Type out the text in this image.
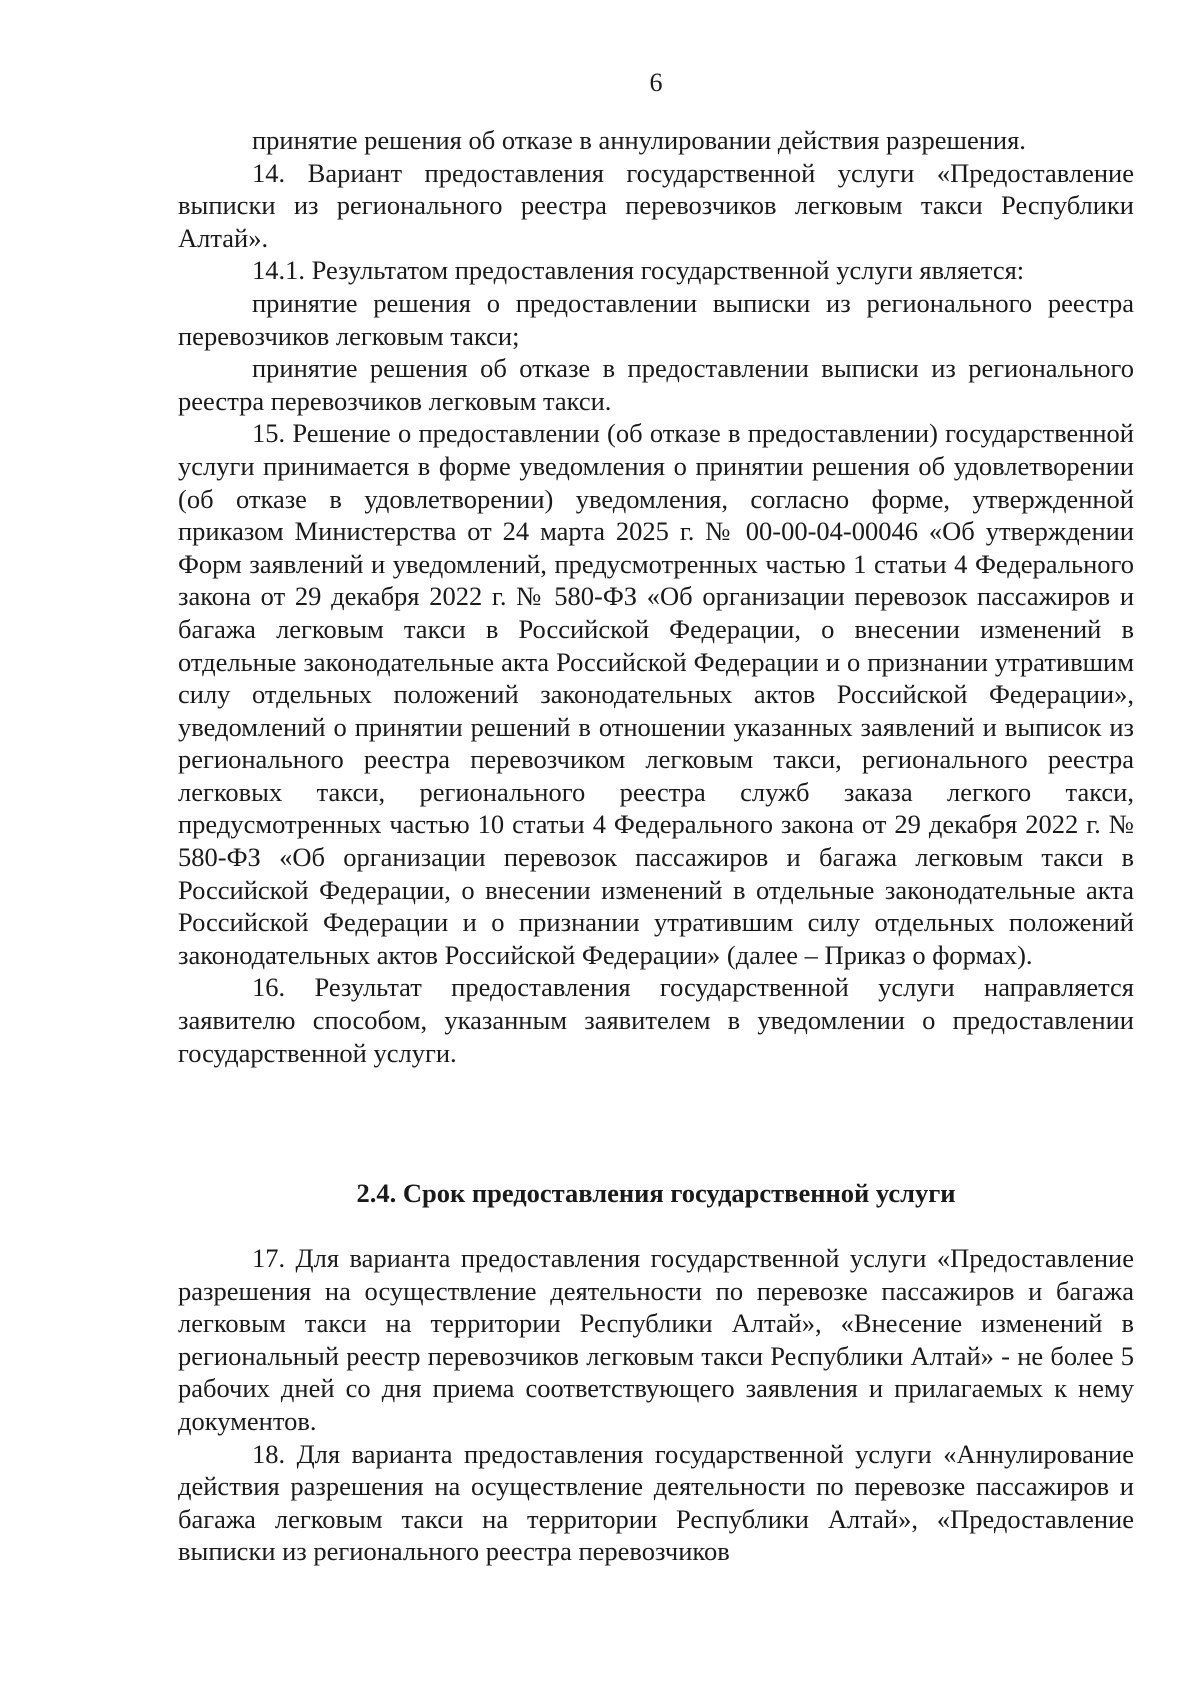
6

принятие решения об отказе в аннулировании действия разрешения.

14. Вариант предоставления государственной услуги «Предоставление выписки из регионального реестра перевозчиков легковым такси Республики Алтай».

14.1. Результатом предоставления государственной услуги является:

принятие решения о предоставлении выписки из регионального реестра перевозчиков легковым такси;

принятие решения об отказе в предоставлении выписки из регионального реестра перевозчиков легковым такси.

15. Решение о предоставлении (об отказе в предоставлении) государственной услуги принимается в форме уведомления о принятии решения об удовлетворении (об отказе в удовлетворении) уведомления, согласно форме, утвержденной приказом Министерства от 24 марта 2025 г. № 00-00-04-00046 «Об утверждении Форм заявлений и уведомлений, предусмотренных частью 1 статьи 4 Федерального закона от 29 декабря 2022 г. № 580-ФЗ «Об организации перевозок пассажиров и багажа легковым такси в Российской Федерации, о внесении изменений в отдельные законодательные акта Российской Федерации и о признании утратившим силу отдельных положений законодательных актов Российской Федерации», уведомлений о принятии решений в отношении указанных заявлений и выписок из регионального реестра перевозчиком легковым такси, регионального реестра легковых такси, регионального реестра служб заказа легкого такси, предусмотренных частью 10 статьи 4 Федерального закона от 29 декабря 2022 г. № 580-ФЗ «Об организации перевозок пассажиров и багажа легковым такси в Российской Федерации, о внесении изменений в отдельные законодательные акта Российской Федерации и о признании утратившим силу отдельных положений законодательных актов Российской Федерации» (далее – Приказ о формах).

16. Результат предоставления государственной услуги направляется заявителю способом, указанным заявителем в уведомлении о предоставлении государственной услуги.

2.4. Срок предоставления государственной услуги

17. Для варианта предоставления государственной услуги «Предоставление разрешения на осуществление деятельности по перевозке пассажиров и багажа легковым такси на территории Республики Алтай», «Внесение изменений в региональный реестр перевозчиков легковым такси Республики Алтай» - не более 5 рабочих дней со дня приема соответствующего заявления и прилагаемых к нему документов.

18. Для варианта предоставления государственной услуги «Аннулирование действия разрешения на осуществление деятельности по перевозке пассажиров и багажа легковым такси на территории Республики Алтай», «Предоставление выписки из регионального реестра перевозчиков
